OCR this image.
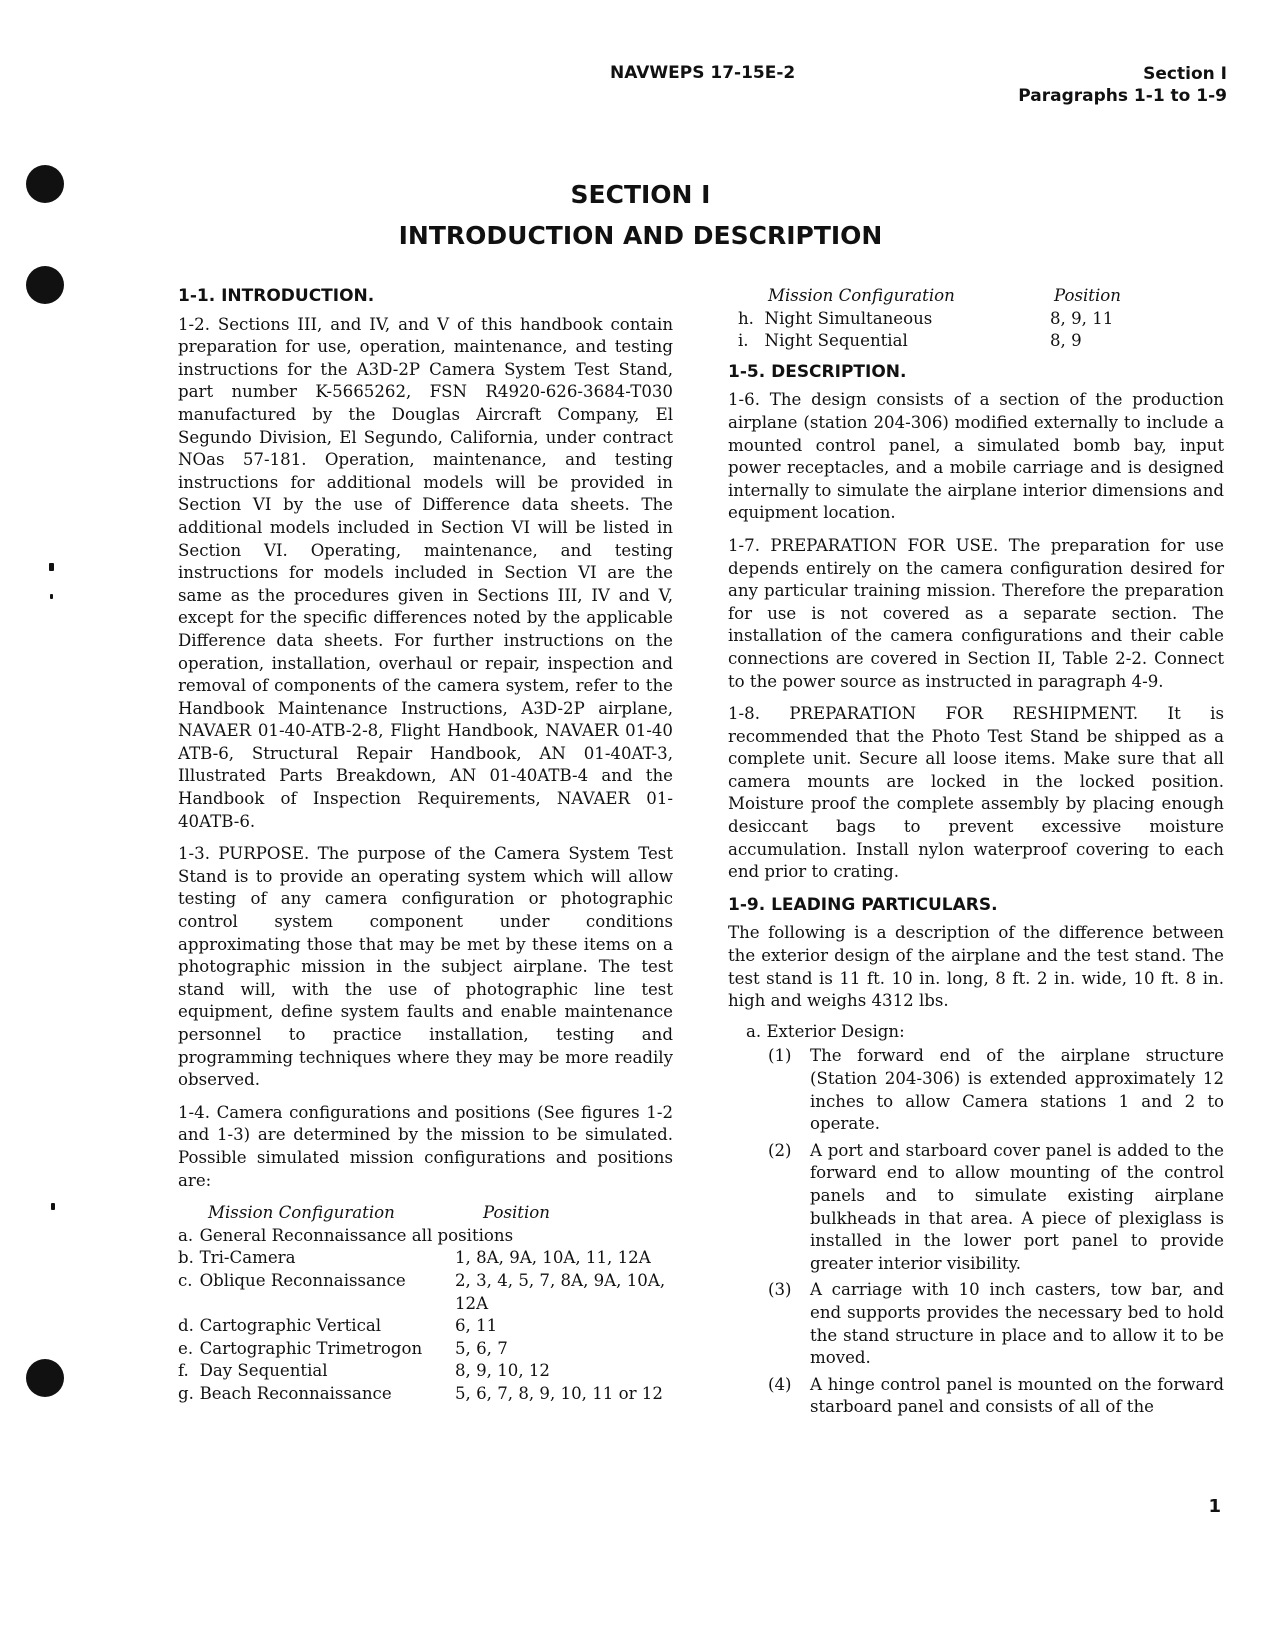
NAVWEPS 17-15E-2	Section I
Paragraphs 1-1 to 1-9
SECTION I
INTRODUCTION AND DESCRIPTION
1-1. INTRODUCTION.

1-2. Sections III, and IV, and V of this handbook contain preparation for use, operation, maintenance, and testing instructions for the A3D-2P Camera System Test Stand, part number K-5665262, FSN R4920-626-3684-T030 manufactured by the Douglas Aircraft Company, El Segundo Division, El Segundo, California, under contract NOas 57-181. Operation, maintenance, and testing instructions for additional models will be provided in Section VI by the use of Difference data sheets. The additional models included in Section VI will be listed in Section VI. Operating, maintenance, and testing instructions for models included in Section VI are the same as the procedures given in Sections III, IV and V, except for the specific differences noted by the applicable Difference data sheets. For further instructions on the operation, installation, overhaul or repair, inspection and removal of components of the camera system, refer to the Handbook Maintenance Instructions, A3D-2P airplane, NAVAER 01-40-ATB-2-8, Flight Handbook, NAVAER 01-40 ATB-6, Structural Repair Handbook, AN 01-40AT-3, Illustrated Parts Breakdown, AN 01-40ATB-4 and the Handbook of Inspection Requirements, NAVAER 01-40ATB-6.

1-3. PURPOSE. The purpose of the Camera System Test Stand is to provide an operating system which will allow testing of any camera configuration or photographic control system component under conditions approximating those that may be met by these items on a photographic mission in the subject airplane. The test stand will, with the use of photographic line test equipment, define system faults and enable maintenance personnel to practice installation, testing and programming techniques where they may be more readily observed.

1-4. Camera configurations and positions (See figures 1-2 and 1-3) are determined by the mission to be simulated. Possible simulated mission configurations and positions are:

Mission Configuration		Position
a.	General Reconnaissance all positions	
b.	Tri-Camera	1, 8A, 9A, 10A, 11, 12A
c.	Oblique Reconnaissance	2, 3, 4, 5, 7, 8A, 9A, 10A, 12A
d.	Cartographic Vertical	6, 11
e.	Cartographic Trimetrogon	5, 6, 7
f.	Day Sequential	8, 9, 10, 12
g.	Beach Reconnaissance	5, 6, 7, 8, 9, 10, 11 or 12
Mission Configuration		Position
h.	Night Simultaneous	8, 9, 11
i.	Night Sequential	8, 9
1-5. DESCRIPTION.

1-6. The design consists of a section of the production airplane (station 204-306) modified externally to include a mounted control panel, a simulated bomb bay, input power receptacles, and a mobile carriage and is designed internally to simulate the airplane interior dimensions and equipment location.

1-7. PREPARATION FOR USE. The preparation for use depends entirely on the camera configuration desired for any particular training mission. Therefore the preparation for use is not covered as a separate section. The installation of the camera configurations and their cable connections are covered in Section II, Table 2-2. Connect to the power source as instructed in paragraph 4-9.

1-8. PREPARATION FOR RESHIPMENT. It is recommended that the Photo Test Stand be shipped as a complete unit. Secure all loose items. Make sure that all camera mounts are locked in the locked position. Moisture proof the complete assembly by placing enough desiccant bags to prevent excessive moisture accumulation. Install nylon waterproof covering to each end prior to crating.

1-9. LEADING PARTICULARS.

The following is a description of the difference between the exterior design of the airplane and the test stand. The test stand is 11 ft. 10 in. long, 8 ft. 2 in. wide, 10 ft. 8 in. high and weighs 4312 lbs.

a. Exterior Design:
(1)	The forward end of the airplane structure (Station 204-306) is extended approximately 12 inches to allow Camera stations 1 and 2 to operate.
(2)	A port and starboard cover panel is added to the forward end to allow mounting of the control panels and to simulate existing airplane bulkheads in that area. A piece of plexiglass is installed in the lower port panel to provide greater interior visibility.
(3)	A carriage with 10 inch casters, tow bar, and end supports provides the necessary bed to hold the stand structure in place and to allow it to be moved.
(4)	A hinge control panel is mounted on the forward starboard panel and consists of all of the
1
